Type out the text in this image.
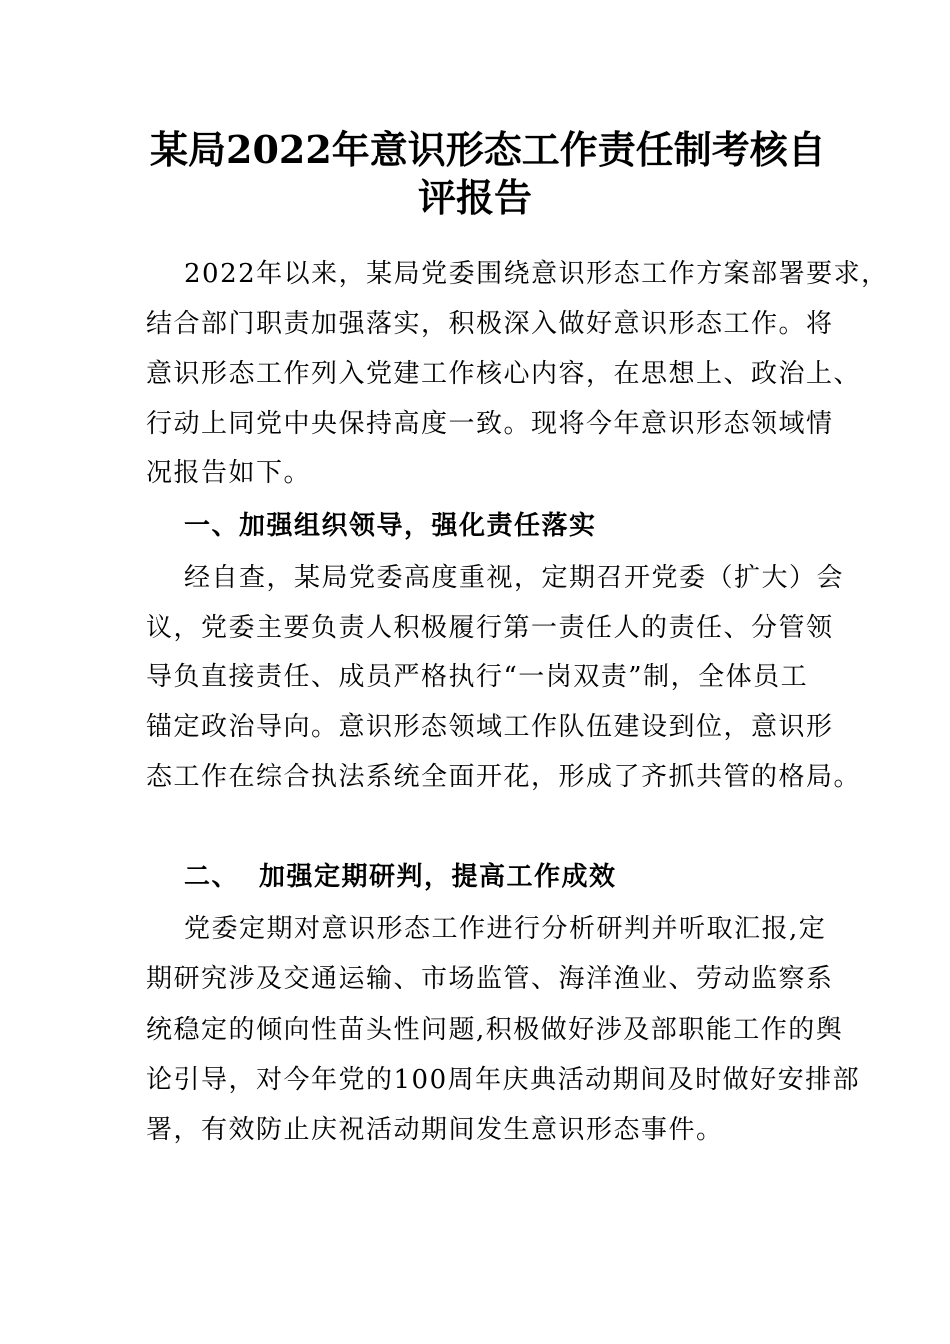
某局2022年意识形态工作责任制考核自
评报告
2022年以来，某局党委围绕意识形态工作方案部署要求，
结合部门职责加强落实，积极深入做好意识形态工作。将
意识形态工作列入党建工作核心内容，在思想上、政治上、
行动上同党中央保持高度一致。现将今年意识形态领域情
况报告如下。
一、加强组织领导，强化责任落实
经自查，某局党委高度重视，定期召开党委（扩大）会
议，党委主要负责人积极履行第一责任人的责任、分管领
导负直接责任、成员严格执行“一岗双责”制，全体员工
锚定政治导向。意识形态领域工作队伍建设到位，意识形
态工作在综合执法系统全面开花，形成了齐抓共管的格局。
二、 加强定期研判，提高工作成效
党委定期对意识形态工作进行分析研判并听取汇报,定
期研究涉及交通运输、市场监管、海洋渔业、劳动监察系
统稳定的倾向性苗头性问题,积极做好涉及部职能工作的舆
论引导，对今年党的100周年庆典活动期间及时做好安排部
署，有效防止庆祝活动期间发生意识形态事件。
